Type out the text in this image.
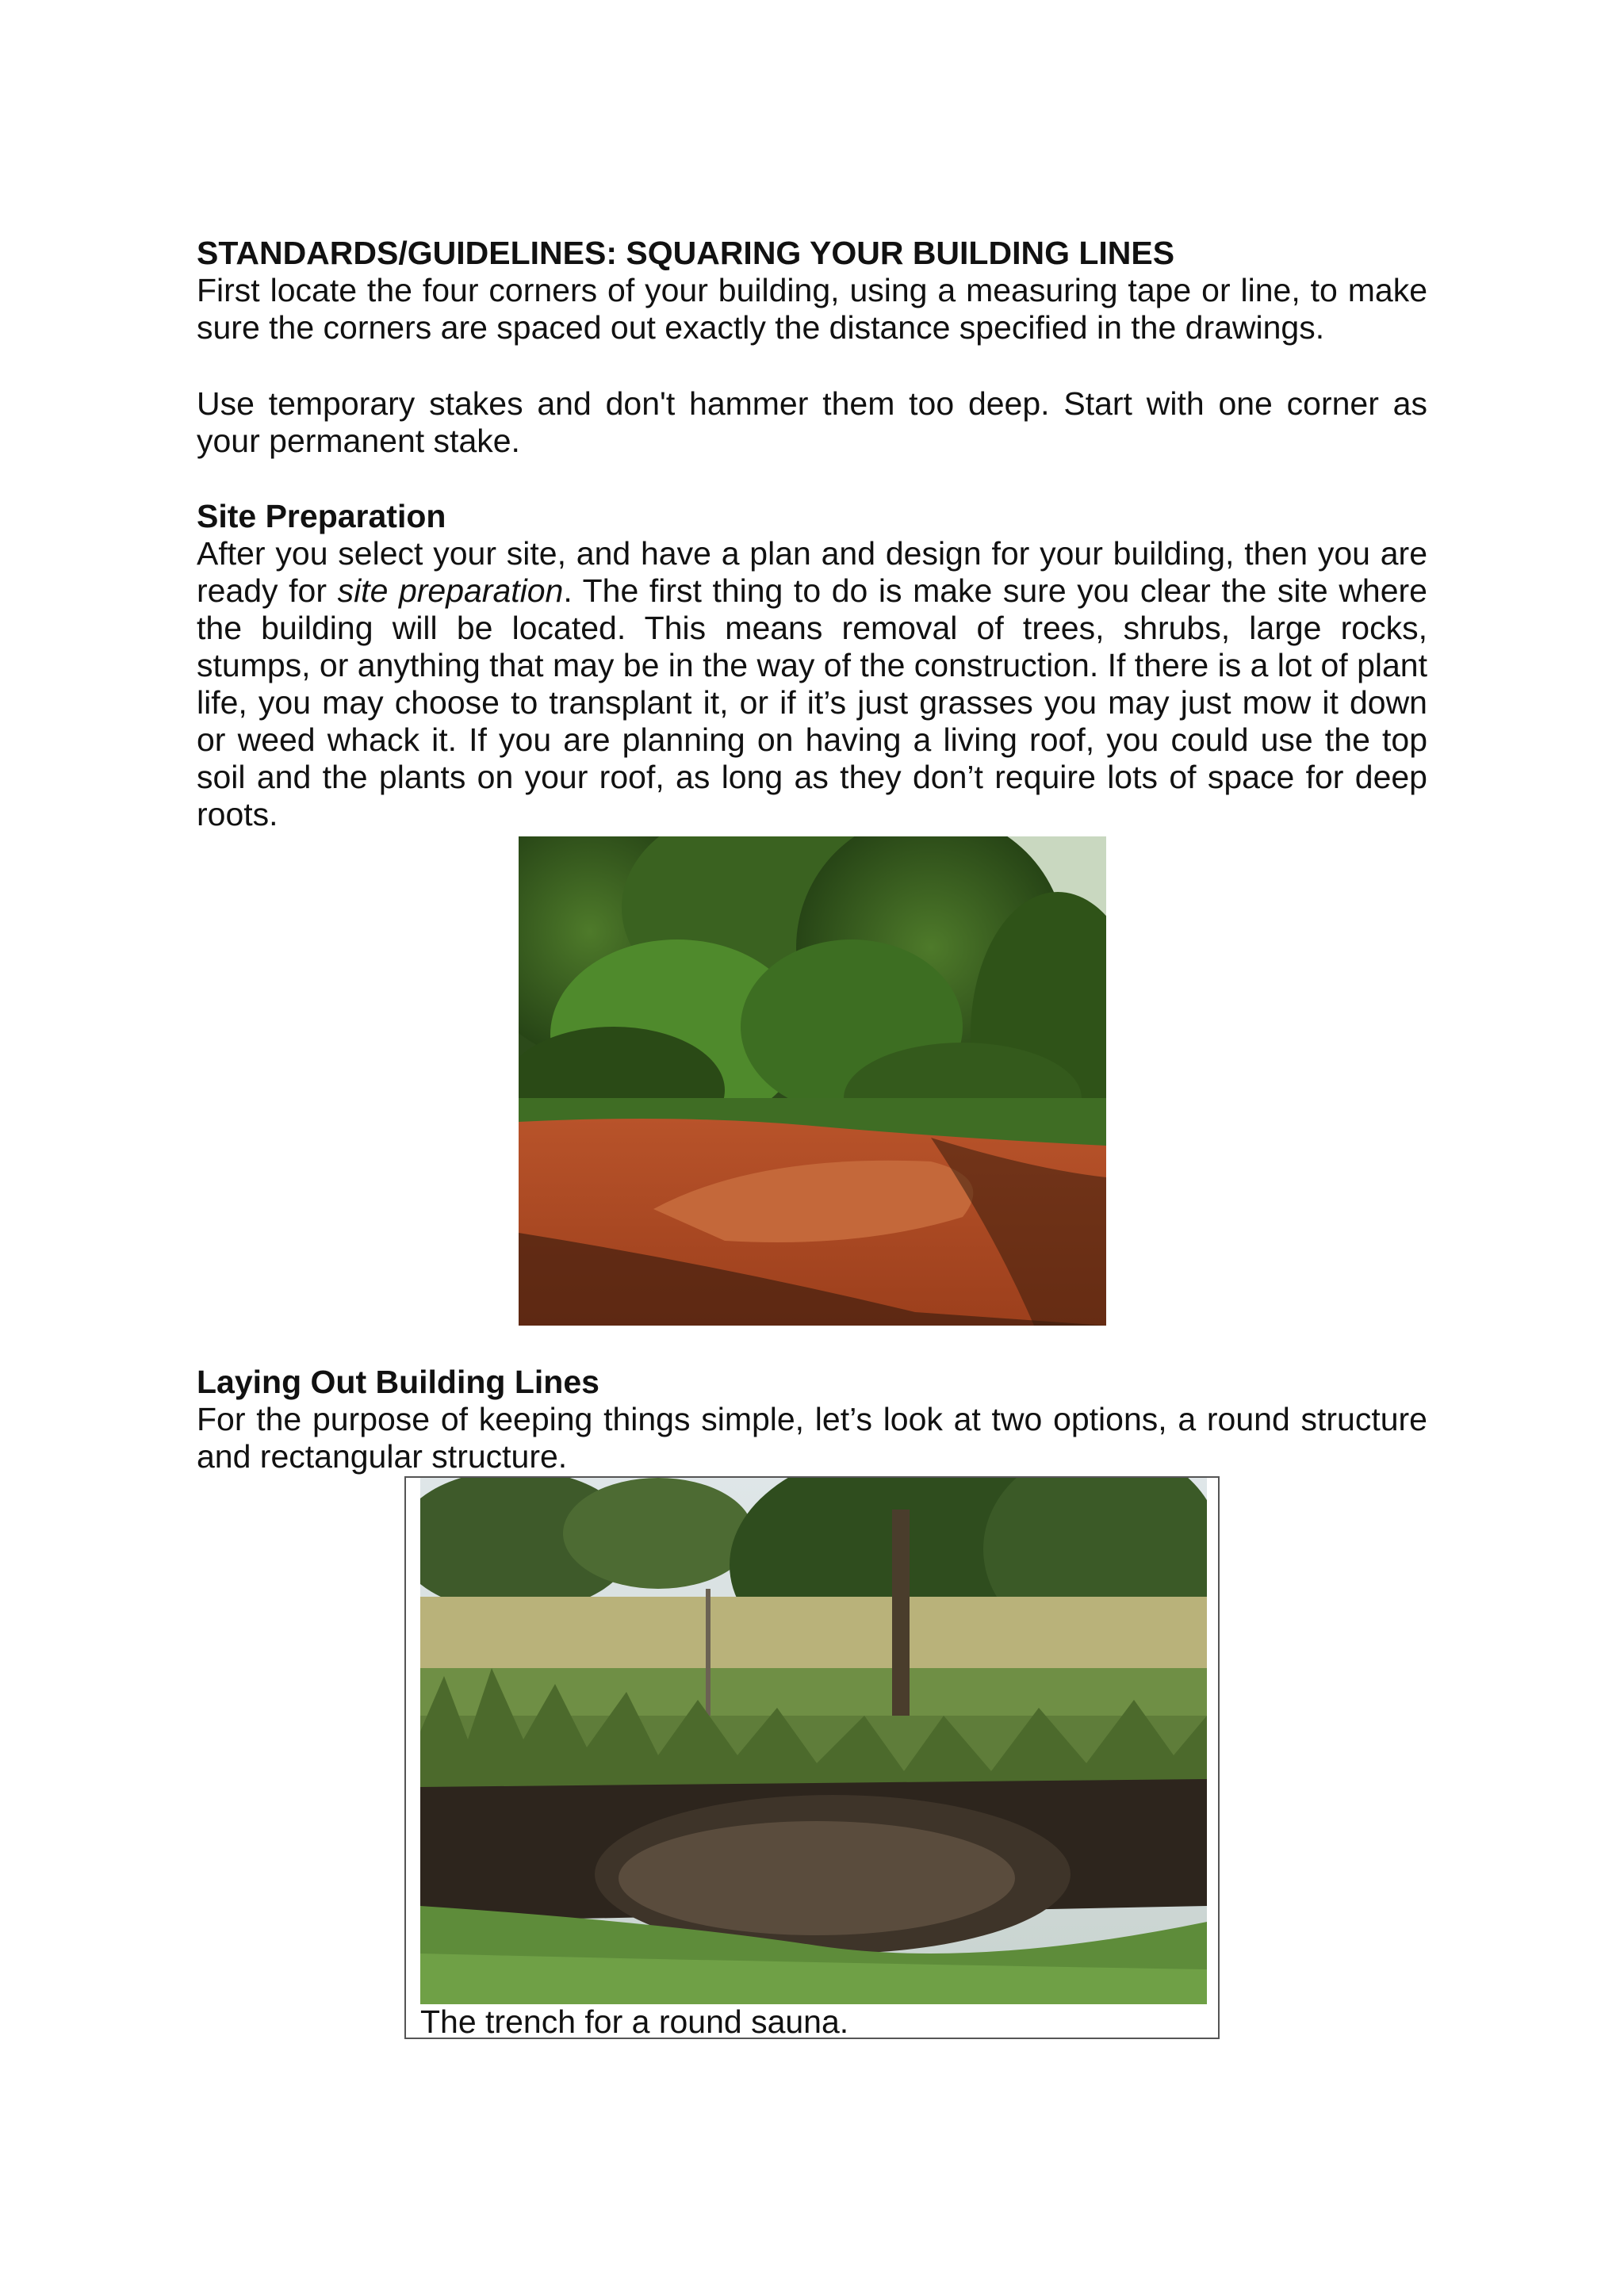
STANDARDS/GUIDELINES: SQUARING YOUR BUILDING LINES

First locate the four corners of your building, using a measuring tape or line, to make sure the corners are spaced out exactly the distance specified in the drawings.

Use temporary stakes and don't hammer them too deep. Start with one corner as your permanent stake.

Site Preparation

After you select your site, and have a plan and design for your building, then you are ready for site preparation. The first thing to do is make sure you clear the site where the building will be located. This means removal of trees, shrubs, large rocks, stumps, or anything that may be in the way of the construction. If there is a lot of plant life, you may choose to transplant it, or if it’s just grasses you may just mow it down or weed whack it. If you are planning on having a living roof, you could use the top soil and the plants on your roof, as long as they don’t require lots of space for deep roots.

Laying Out Building Lines

For the purpose of keeping things simple, let’s look at two options, a round structure and rectangular structure.

The trench for a round sauna.
